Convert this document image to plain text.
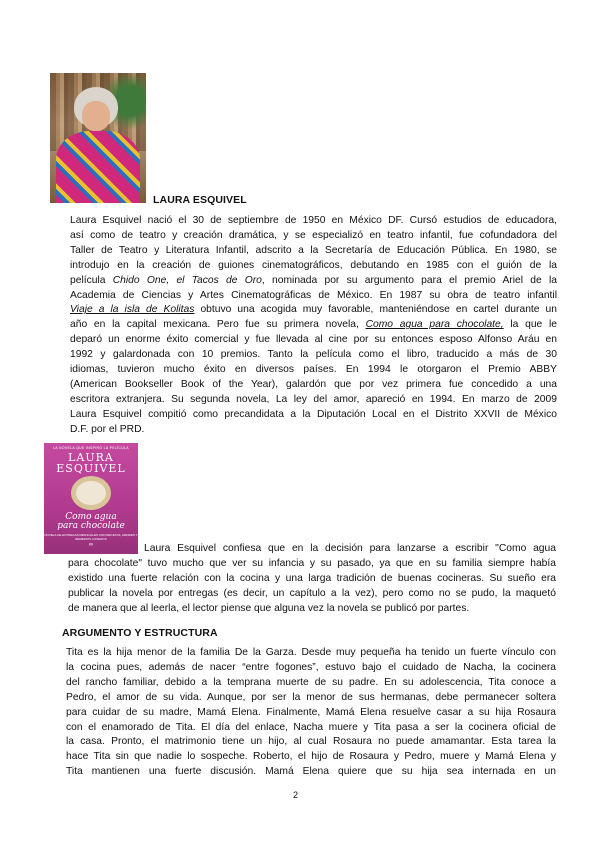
LAURA ESQUIVEL
Laura Esquivel nació el 30 de septiembre de 1950 en México DF. Cursó estudios de educadora,
así como de teatro y creación dramática, y se especializó en teatro infantil, fue cofundadora del
Taller de Teatro y Literatura Infantil, adscrito a la Secretaría de Educación Pública. En 1980, se
introdujo en la creación de guiones cinematográficos, debutando en 1985 con el guión de la
película Chido One, el Tacos de Oro, nominada por su argumento para el premio Ariel de la
Academia de Ciencias y Artes Cinematográficas de México. En 1987 su obra de teatro infantil
Viaje a la isla de Kolitas obtuvo una acogida muy favorable, manteniéndose en cartel durante un
año en la capital mexicana. Pero fue su primera novela, Como agua para chocolate, la que le
deparó un enorme éxito comercial y fue llevada al cine por su entonces esposo Alfonso Aráu en
1992 y galardonada con 10 premios. Tanto la película como el libro, traducido a más de 30
idiomas, tuvieron mucho éxito en diversos países. En 1994 le otorgaron el Premio ABBY
(American Bookseller Book of the Year), galardón que por vez primera fue concedido a una
escritora extranjera. Su segunda novela, La ley del amor, apareció en 1994. En marzo de 2009
Laura Esquivel compitió como precandidata a la Diputación Local en el Distrito XXVII de México
D.F. por el PRD.
LA NOVELA QUE INSPIRÓ LA PELÍCULA
LAURA ESQUIVEL
Como agua
para chocolate
NOVELA DE ENTREGAS MENSUALES CON RECETAS, AMORES Y REMEDIOS CASEROS
∞	Laura Esquivel confiesa que en la decisión para lanzarse a escribir "Como agua
para chocolate" tuvo mucho que ver su infancia y su pasado, ya que en su familia siempre había
existido una fuerte relación con la cocina y una larga tradición de buenas cocineras. Su sueño era
publicar la novela por entregas (es decir, un capítulo a la vez), pero como no se pudo, la maquetó
de manera que al leerla, el lector piense que alguna vez la novela se publicó por partes.
ARGUMENTO Y ESTRUCTURA
Tita es la hija menor de la familia De la Garza. Desde muy pequeña ha tenido un fuerte vínculo con
la cocina pues, además de nacer “entre fogones”, estuvo bajo el cuidado de Nacha, la cocinera
del rancho familiar, debido a la temprana muerte de su padre. En su adolescencia, Tita conoce a
Pedro, el amor de su vida. Aunque, por ser la menor de sus hermanas, debe permanecer soltera
para cuidar de su madre, Mamá Elena. Finalmente, Mamá Elena resuelve casar a su hija Rosaura
con el enamorado de Tita. El día del enlace, Nacha muere y Tita pasa a ser la cocinera oficial de
la casa. Pronto, el matrimonio tiene un hijo, al cual Rosaura no puede amamantar. Esta tarea la
hace Tita sin que nadie lo sospeche. Roberto, el hijo de Rosaura y Pedro, muere y Mamá Elena y
Tita mantienen una fuerte discusión. Mamá Elena quiere que su hija sea internada en un
2
